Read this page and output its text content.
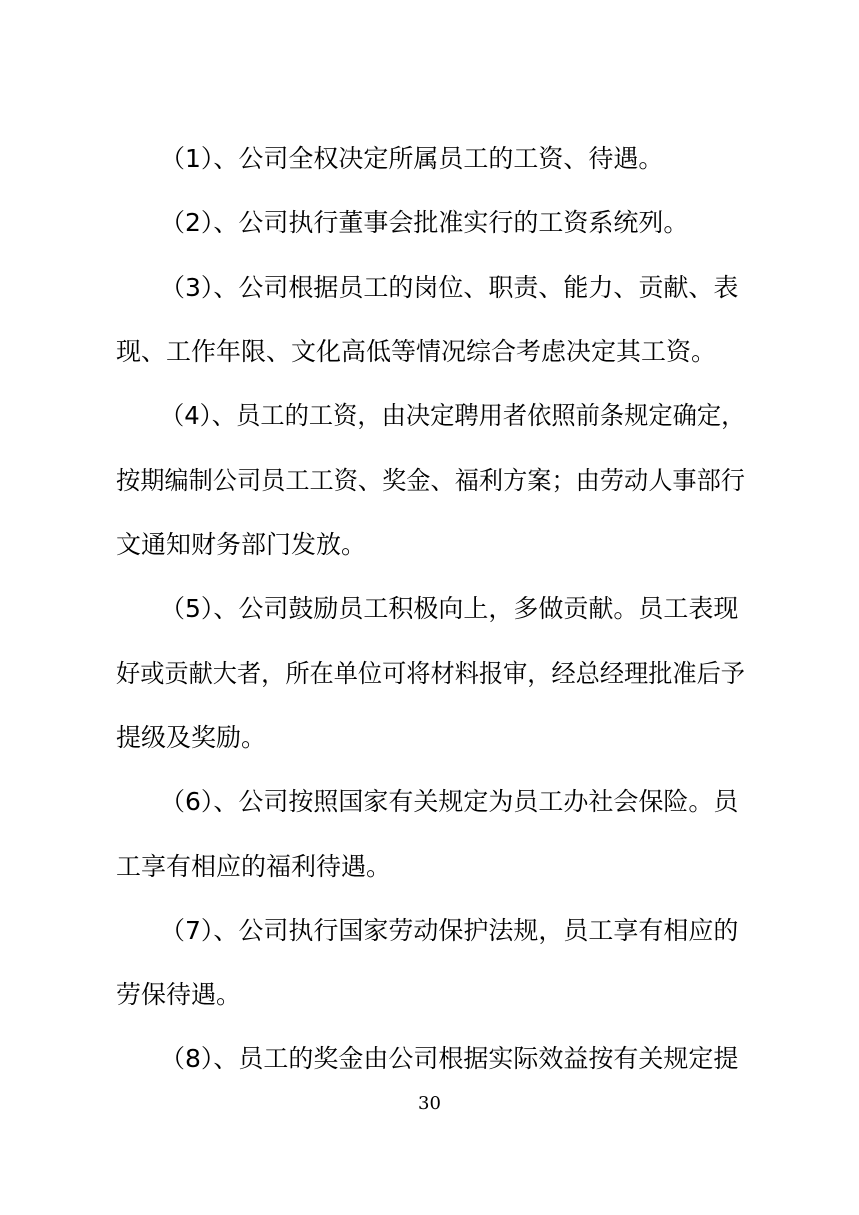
（1）、公司全权决定所属员工的工资、待遇。

（2）、公司执行董事会批准实行的工资系统列。

（3）、公司根据员工的岗位、职责、能力、贡献、表

现、工作年限、文化高低等情况综合考虑决定其工资。

（4）、员工的工资，由决定聘用者依照前条规定确定，

按期编制公司员工工资、奖金、福利方案；由劳动人事部行

文通知财务部门发放。

（5）、公司鼓励员工积极向上，多做贡献。员工表现

好或贡献大者，所在单位可将材料报审，经总经理批准后予

提级及奖励。

（6）、公司按照国家有关规定为员工办社会保险。员

工享有相应的福利待遇。

（7）、公司执行国家劳动保护法规，员工享有相应的

劳保待遇。

（8）、员工的奖金由公司根据实际效益按有关规定提

30
